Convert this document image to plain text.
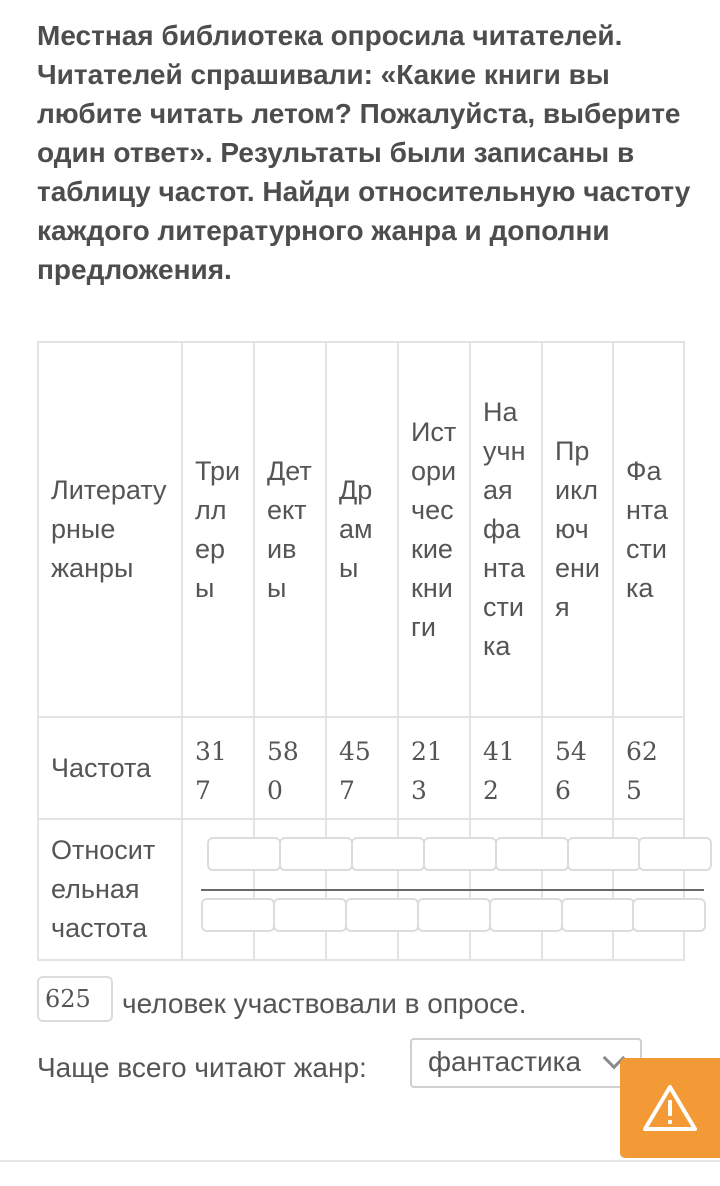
Местная библиотека опросила читателей. Читателей спрашивали: «Какие книги вы любите читать летом? Пожалуйста, выберите один ответ». Результаты были записаны в таблицу частот. Найди относительную частоту каждого литературного жанра и дополни предложения.

Литературные жанры	Триллеры	Детективы	Драмы	Исторические книги	Научная фантастика	Приключения	Фантастика
Частота	317	580	457	213	412	546	625
Относительная частота	

625	человек участвовали в опросе.
Чаще всего читают жанр:	фантастика
